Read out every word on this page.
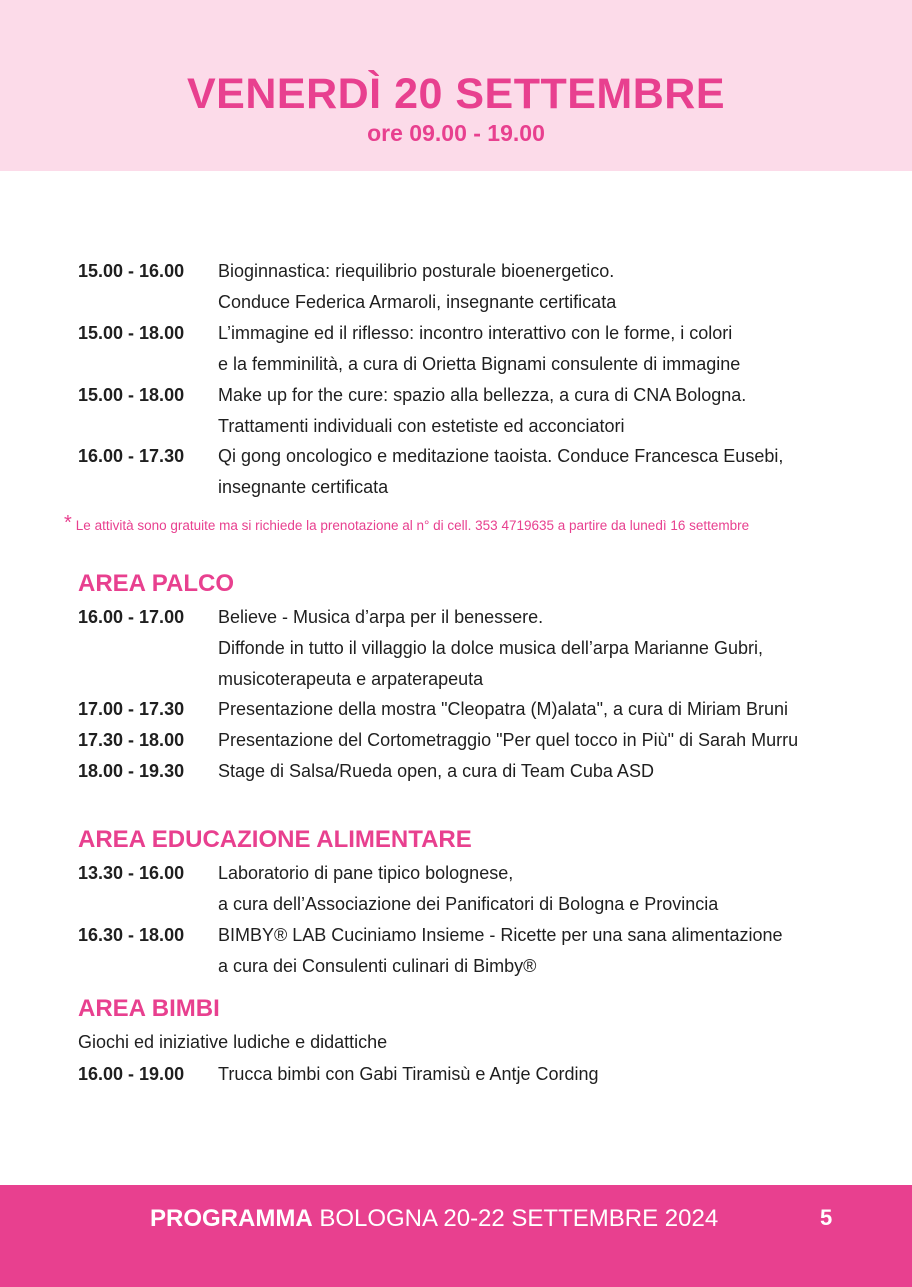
VENERDÌ 20 SETTEMBRE
ore 09.00 - 19.00
15.00 - 16.00	Bioginnastica: riequilibrio posturale bioenergetico.
Conduce Federica Armaroli, insegnante certificata
15.00 - 18.00	L’immagine ed il riflesso: incontro interattivo con le forme, i colori
e la femminilità, a cura di Orietta Bignami consulente di immagine
15.00 - 18.00	Make up for the cure: spazio alla bellezza, a cura di CNA Bologna.
Trattamenti individuali con estetiste ed acconciatori
16.00 - 17.30	Qi gong oncologico e meditazione taoista. Conduce Francesca Eusebi,
insegnante certificata
* Le attività sono gratuite ma si richiede la prenotazione al n° di cell. 353 4719635 a partire da lunedì 16 settembre
AREA PALCO
16.00 - 17.00	Believe - Musica d’arpa per il benessere.
Diffonde in tutto il villaggio la dolce musica dell’arpa Marianne Gubri,
musicoterapeuta e arpaterapeuta
17.00 - 17.30	Presentazione della mostra "Cleopatra (M)alata", a cura di Miriam Bruni
17.30 - 18.00	Presentazione del Cortometraggio "Per quel tocco in Più" di Sarah Murru
18.00 - 19.30	Stage di Salsa/Rueda open, a cura di Team Cuba ASD
AREA EDUCAZIONE ALIMENTARE
13.30 - 16.00	Laboratorio di pane tipico bolognese,
a cura dell’Associazione dei Panificatori di Bologna e Provincia
16.30 - 18.00	BIMBY® LAB Cuciniamo Insieme - Ricette per una sana alimentazione
a cura dei Consulenti culinari di Bimby®
AREA BIMBI
Giochi ed iniziative ludiche e didattiche
16.00 - 19.00	Trucca bimbi con Gabi Tiramisù e Antje Cording
PROGRAMMA BOLOGNA 20-22 SETTEMBRE 2024	5
